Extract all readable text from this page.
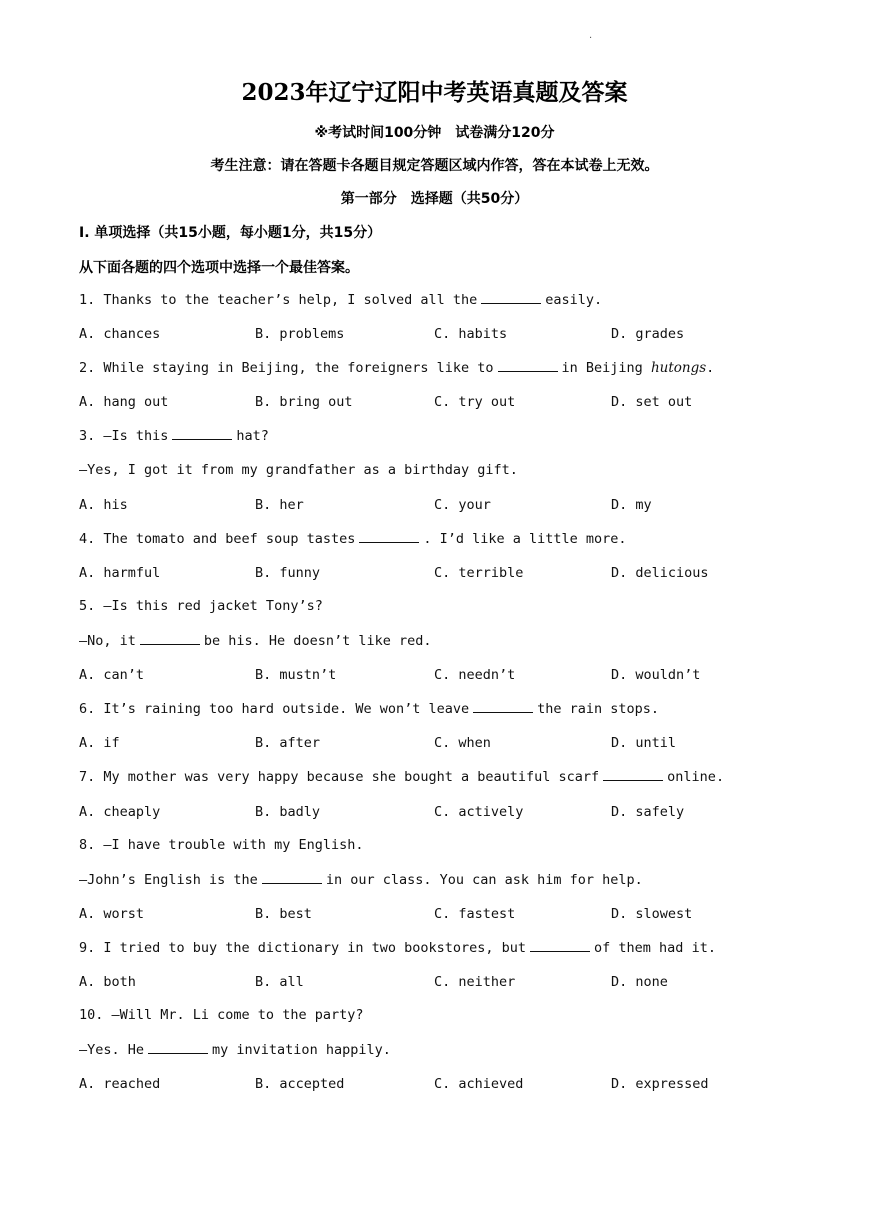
.
2023年辽宁辽阳中考英语真题及答案
※考试时间100分钟　试卷满分120分
考生注意：请在答题卡各题目规定答题区域内作答，答在本试卷上无效。
第一部分　选择题（共50分）
Ⅰ. 单项选择（共15小题，每小题1分，共15分）
从下面各题的四个选项中选择一个最佳答案。
1. Thanks to the teacher’s help, I solved all the	easily.
A. chances	B. problems	C. habits	D. grades
2. While staying in Beijing, the foreigners like to	in Beijing hutongs.
A. hang out	B. bring out	C. try out	D. set out
3. —Is this	hat?
—Yes, I got it from my grandfather as a birthday gift.
A. his	B. her	C. your	D. my
4. The tomato and beef soup tastes	. I’d like a little more.
A. harmful	B. funny	C. terrible	D. delicious
5. —Is this red jacket Tony’s?
—No, it	be his. He doesn’t like red.
A. can’t	B. mustn’t	C. needn’t	D. wouldn’t
6. It’s raining too hard outside. We won’t leave	the rain stops.
A. if	B. after	C. when	D. until
7. My mother was very happy because she bought a beautiful scarf	online.
A. cheaply	B. badly	C. actively	D. safely
8. —I have trouble with my English.
—John’s English is the	in our class. You can ask him for help.
A. worst	B. best	C. fastest	D. slowest
9. I tried to buy the dictionary in two bookstores, but	of them had it.
A. both	B. all	C. neither	D. none
10. —Will Mr. Li come to the party?
—Yes. He	my invitation happily.
A. reached	B. accepted	C. achieved	D. expressed
